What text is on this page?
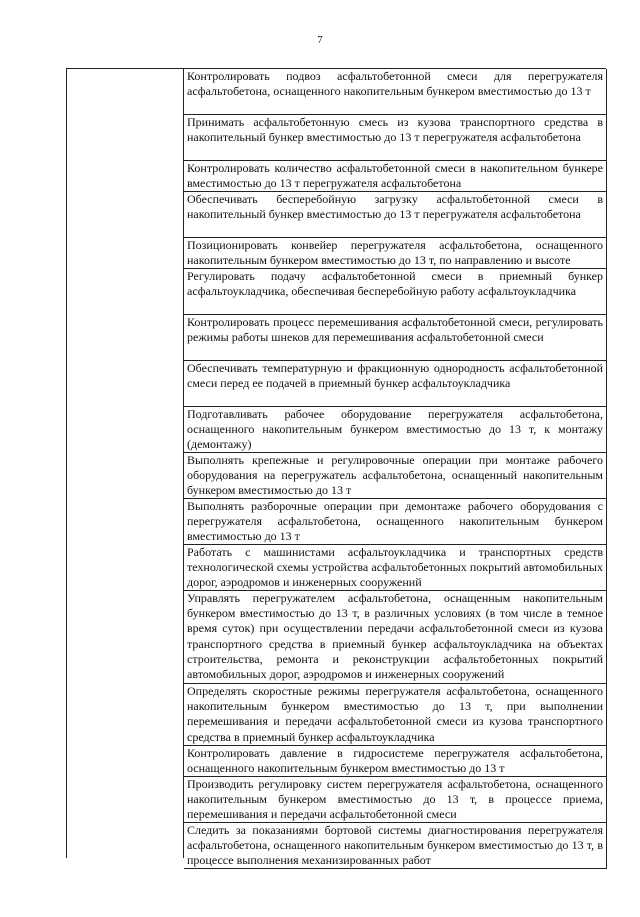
7
Контролировать подвоз асфальтобетонной смеси для перегружателя асфальтобетона, оснащенного накопительным бункером вместимостью до 13 т
Принимать асфальтобетонную смесь из кузова транспортного средства в накопительный бункер вместимостью до 13 т перегружателя асфальтобетона
Контролировать количество асфальтобетонной смеси в накопительном бункере вместимостью до 13 т перегружателя асфальтобетона
Обеспечивать бесперебойную загрузку асфальтобетонной смеси в накопительный бункер вместимостью до 13 т перегружателя асфальтобетона
Позиционировать конвейер перегружателя асфальтобетона, оснащенного накопительным бункером вместимостью до 13 т, по направлению и высоте
Регулировать подачу асфальтобетонной смеси в приемный бункер асфальтоукладчика, обеспечивая бесперебойную работу асфальтоукладчика
Контролировать процесс перемешивания асфальтобетонной смеси, регулировать режимы работы шнеков для перемешивания асфальтобетонной смеси
Обеспечивать температурную и фракционную однородность асфальтобетонной смеси перед ее подачей в приемный бункер асфальтоукладчика
Подготавливать рабочее оборудование перегружателя асфальтобетона, оснащенного накопительным бункером вместимостью до 13 т, к монтажу (демонтажу)
Выполнять крепежные и регулировочные операции при монтаже рабочего оборудования на перегружатель асфальтобетона, оснащенный накопительным бункером вместимостью до 13 т
Выполнять разборочные операции при демонтаже рабочего оборудования с перегружателя асфальтобетона, оснащенного накопительным бункером вместимостью до 13 т
Работать с машинистами асфальтоукладчика и транспортных средств технологической схемы устройства асфальтобетонных покрытий автомобильных дорог, аэродромов и инженерных сооружений
Управлять перегружателем асфальтобетона, оснащенным накопительным бункером вместимостью до 13 т, в различных условиях (в том числе в темное время суток) при осуществлении передачи асфальтобетонной смеси из кузова транспортного средства в приемный бункер асфальтоукладчика на объектах строительства, ремонта и реконструкции асфальтобетонных покрытий автомобильных дорог, аэродромов и инженерных сооружений
Определять скоростные режимы перегружателя асфальтобетона, оснащенного накопительным бункером вместимостью до 13 т, при выполнении перемешивания и передачи асфальтобетонной смеси из кузова транспортного средства в приемный бункер асфальтоукладчика
Контролировать давление в гидросистеме перегружателя асфальтобетона, оснащенного накопительным бункером вместимостью до 13 т
Производить регулировку систем перегружателя асфальтобетона, оснащенного накопительным бункером вместимостью до 13 т, в процессе приема, перемешивания и передачи асфальтобетонной смеси
Следить за показаниями бортовой системы диагностирования перегружателя асфальтобетона, оснащенного накопительным бункером вместимостью до 13 т, в процессе выполнения механизированных работ
